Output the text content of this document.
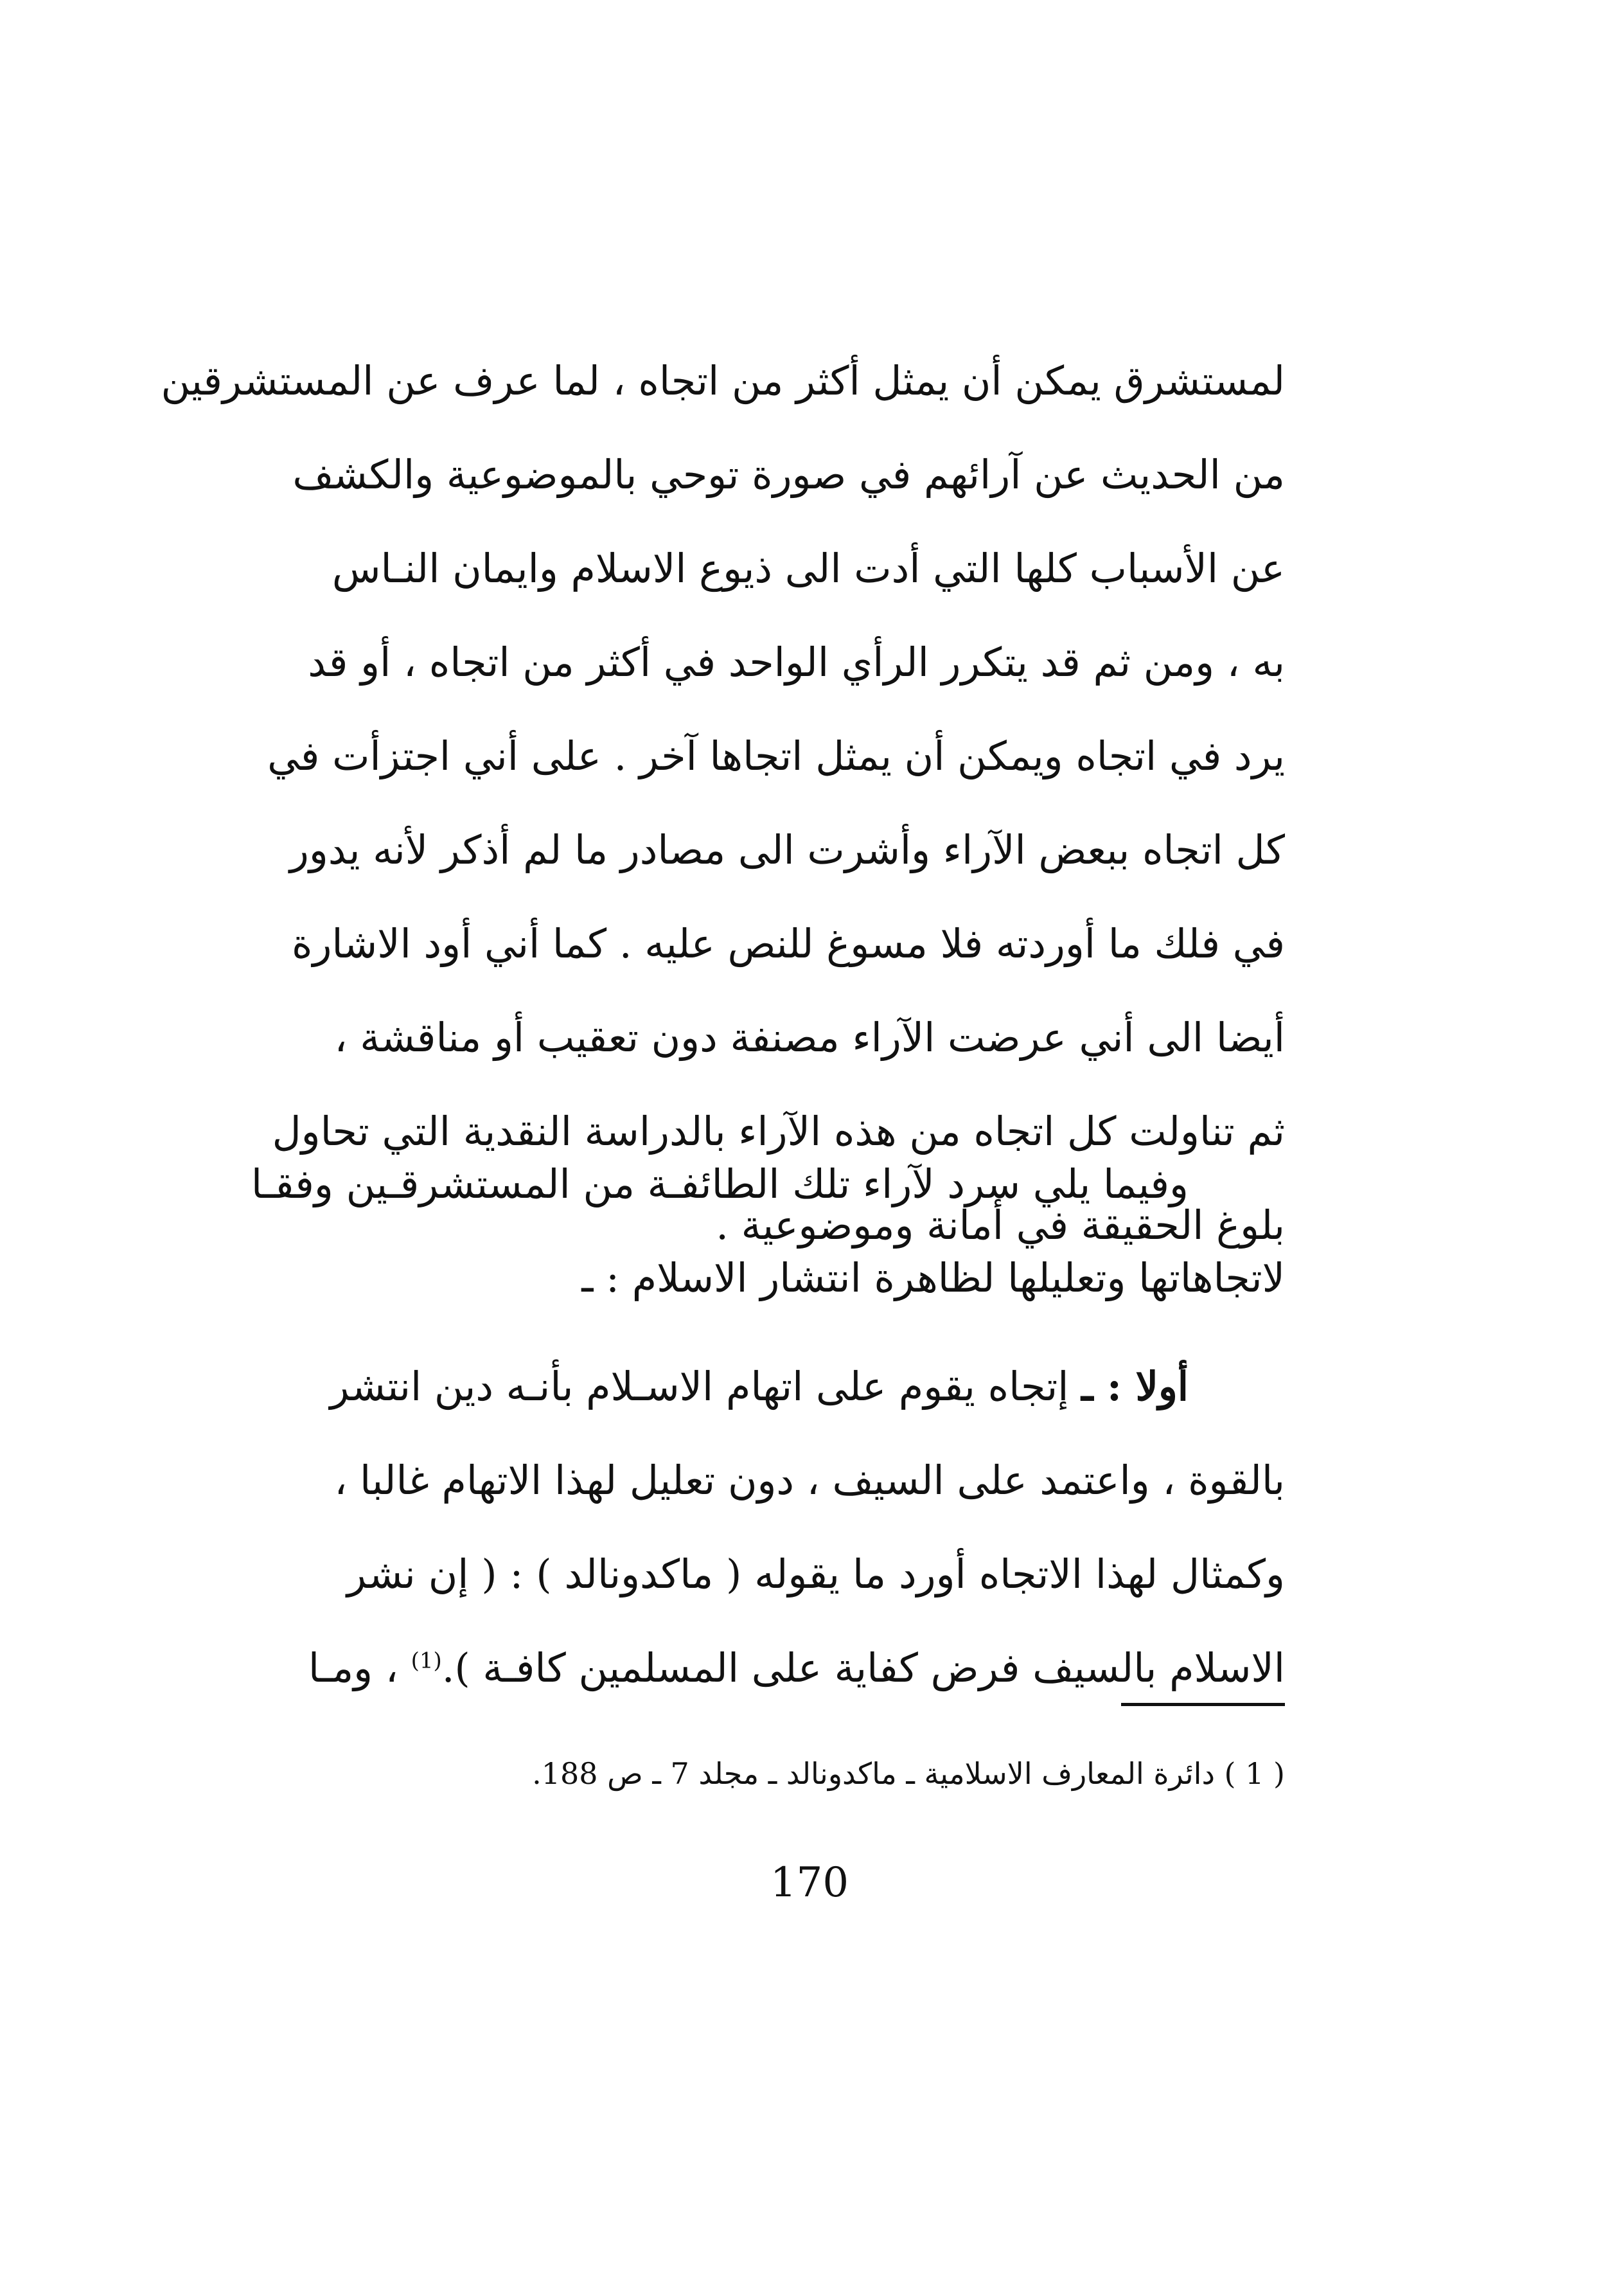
لمستشرق يمكن أن يمثل أكثر من اتجاه ، لما عرف عن المستشرقين
من الحديث عن آرائهم في صورة توحي بالموضوعية والكشف
عن الأسباب كلها التي أدت الى ذيوع الاسلام وايمان النـاس
به ، ومن ثم قد يتكرر الرأي الواحد في أكثر من اتجاه ، أو قد
يرد في اتجاه ويمكن أن يمثل اتجاها آخر . على أني اجتزأت في
كل اتجاه ببعض الآراء وأشرت الى مصادر ما لم أذكر لأنه يدور
في فلك ما أوردته فلا مسوغ للنص عليه . كما أني أود الاشارة
أيضا الى أني عرضت الآراء مصنفة دون تعقيب أو مناقشة ،
ثم تناولت كل اتجاه من هذه الآراء بالدراسة النقدية التي تحاول
بلوغ الحقيقة في أمانة وموضوعية .
وفيما يلي سرد لآراء تلك الطائفـة من المستشرقـين وفقـا
لاتجاهاتها وتعليلها لظاهرة انتشار الاسلام : ـ
أولا : ـ إتجاه يقوم على اتهام الاسـلام بأنـه دين انتشر
بالقوة ، واعتمد على السيف ، دون تعليل لهذا الاتهام غالبا ،
وكمثال لهذا الاتجاه أورد ما يقوله ( ماكدونالد ) : ( إن نشر
الاسلام بالسيف فرض كفاية على المسلمين كافـة ).$^{(1)}$ ، ومـا
( 1 ) دائرة المعارف الاسلامية ـ ماكدونالد ـ مجلد 7 ـ ص 188.
170
